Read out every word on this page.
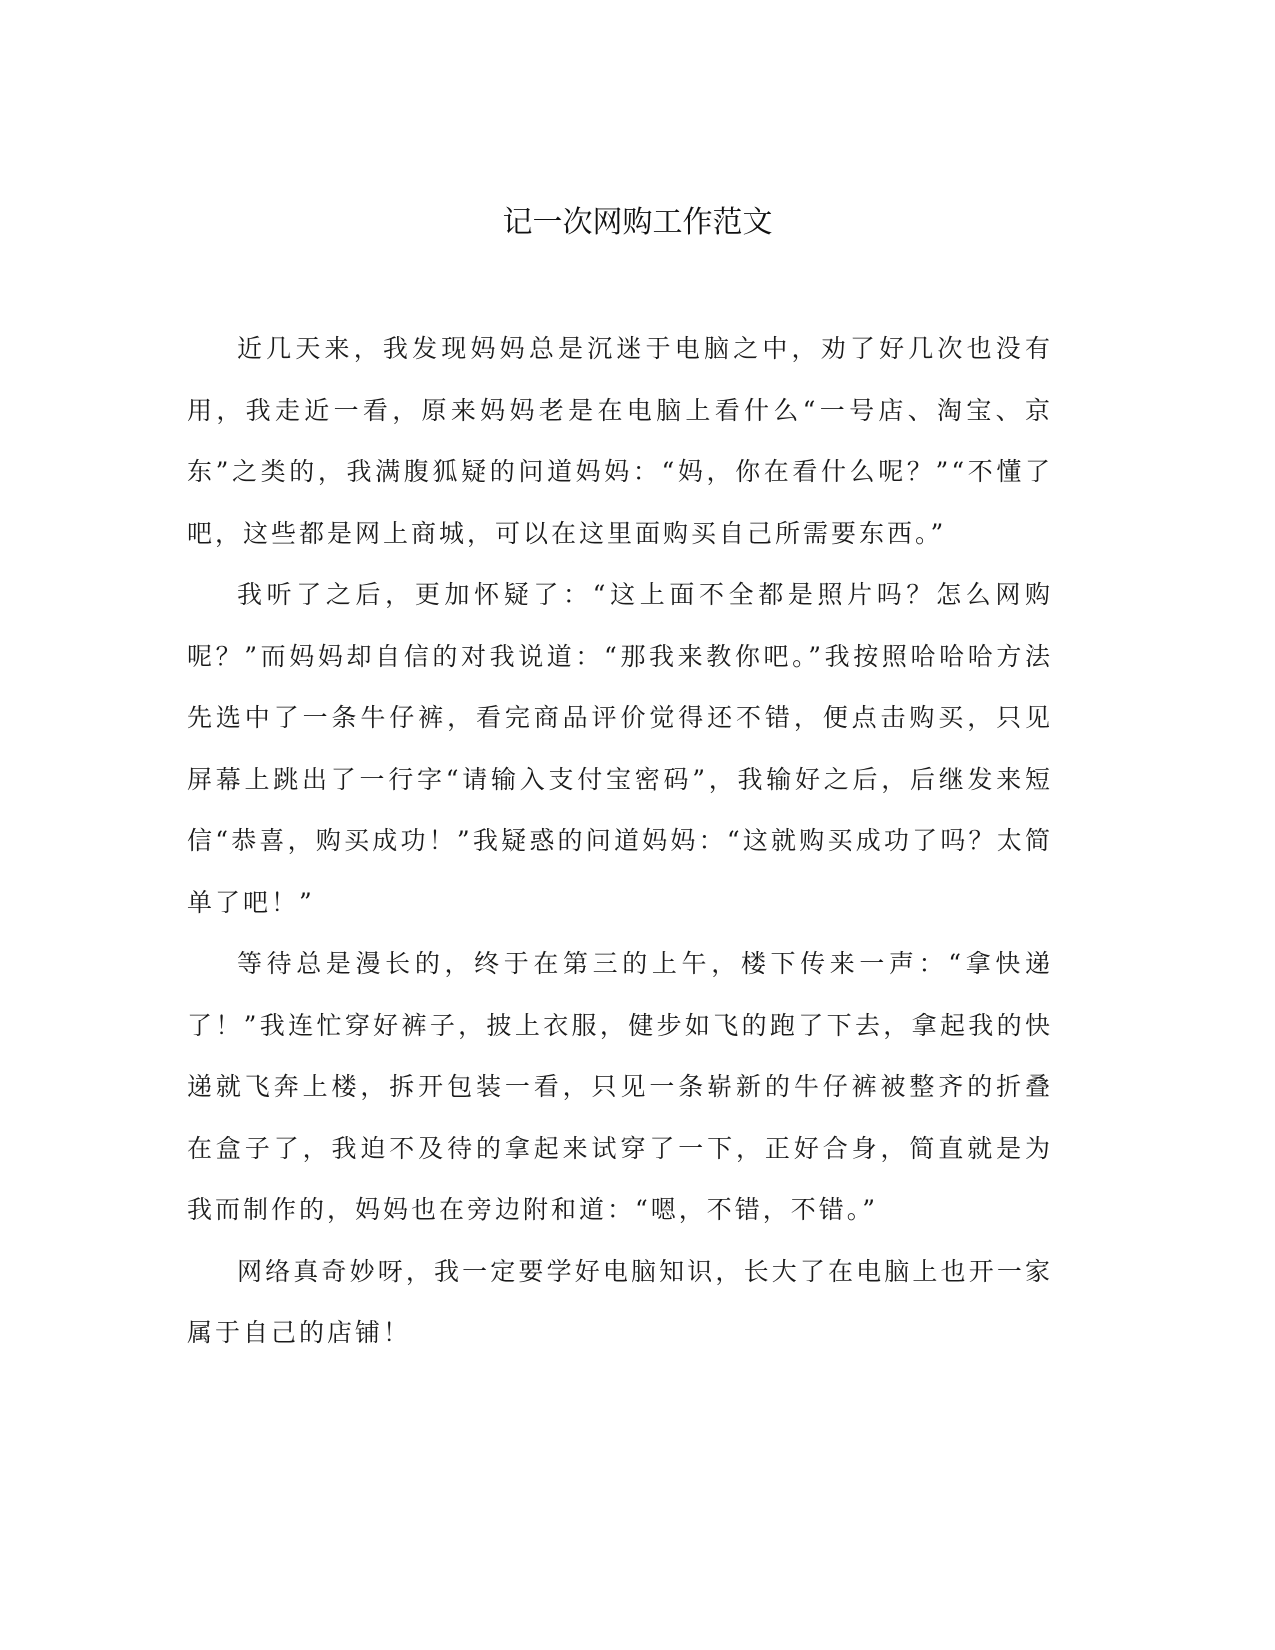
记一次网购工作范文

近几天来，我发现妈妈总是沉迷于电脑之中，劝了好几次也没有用，我走近一看，原来妈妈老是在电脑上看什么“一号店、淘宝、京东”之类的，我满腹狐疑的问道妈妈：“妈，你在看什么呢？”“不懂了吧，这些都是网上商城，可以在这里面购买自己所需要东西。”

我听了之后，更加怀疑了：“这上面不全都是照片吗？怎么网购呢？”而妈妈却自信的对我说道：“那我来教你吧。”我按照哈哈哈方法先选中了一条牛仔裤，看完商品评价觉得还不错，便点击购买，只见屏幕上跳出了一行字“请输入支付宝密码”，我输好之后，后继发来短信“恭喜，购买成功！”我疑惑的问道妈妈：“这就购买成功了吗？太简单了吧！”

等待总是漫长的，终于在第三的上午，楼下传来一声：“拿快递了！”我连忙穿好裤子，披上衣服，健步如飞的跑了下去，拿起我的快递就飞奔上楼，拆开包装一看，只见一条崭新的牛仔裤被整齐的折叠在盒子了，我迫不及待的拿起来试穿了一下，正好合身，简直就是为我而制作的，妈妈也在旁边附和道：“嗯，不错，不错。”

网络真奇妙呀，我一定要学好电脑知识，长大了在电脑上也开一家属于自己的店铺！
